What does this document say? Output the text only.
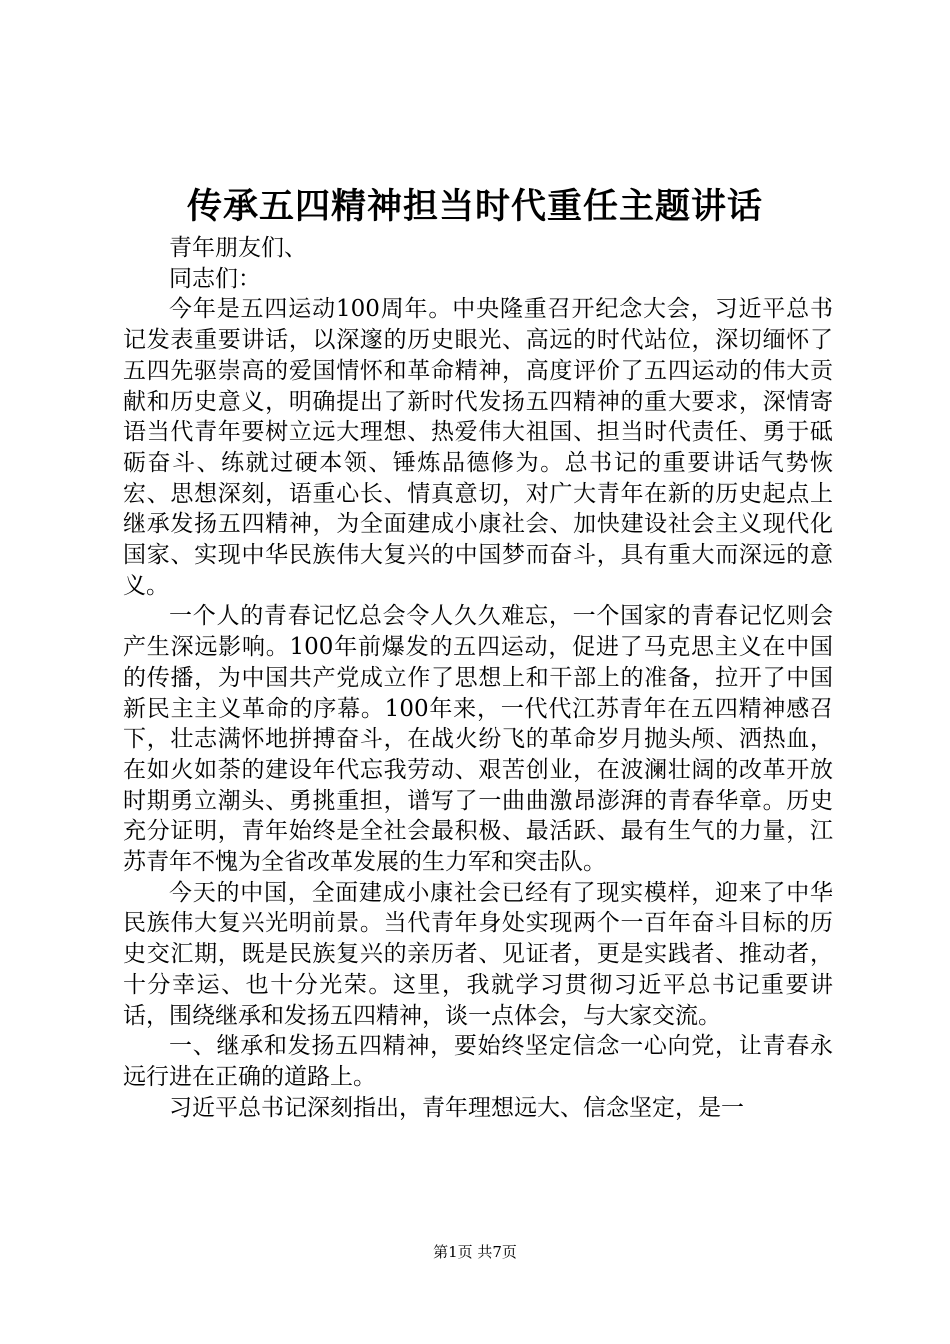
传承五四精神担当时代重任主题讲话

青年朋友们、

同志们：

今年是五四运动100周年。中央隆重召开纪念大会，习近平总书记发表重要讲话，以深邃的历史眼光、高远的时代站位，深切缅怀了五四先驱崇高的爱国情怀和革命精神，高度评价了五四运动的伟大贡献和历史意义，明确提出了新时代发扬五四精神的重大要求，深情寄语当代青年要树立远大理想、热爱伟大祖国、担当时代责任、勇于砥砺奋斗、练就过硬本领、锤炼品德修为。总书记的重要讲话气势恢宏、思想深刻，语重心长、情真意切，对广大青年在新的历史起点上继承发扬五四精神，为全面建成小康社会、加快建设社会主义现代化国家、实现中华民族伟大复兴的中国梦而奋斗，具有重大而深远的意义。

一个人的青春记忆总会令人久久难忘，一个国家的青春记忆则会产生深远影响。100年前爆发的五四运动，促进了马克思主义在中国的传播，为中国共产党成立作了思想上和干部上的准备，拉开了中国新民主主义革命的序幕。100年来，一代代江苏青年在五四精神感召下，壮志满怀地拼搏奋斗，在战火纷飞的革命岁月抛头颅、洒热血，在如火如荼的建设年代忘我劳动、艰苦创业，在波澜壮阔的改革开放时期勇立潮头、勇挑重担，谱写了一曲曲激昂澎湃的青春华章。历史充分证明，青年始终是全社会最积极、最活跃、最有生气的力量，江苏青年不愧为全省改革发展的生力军和突击队。

今天的中国，全面建成小康社会已经有了现实模样，迎来了中华民族伟大复兴光明前景。当代青年身处实现两个一百年奋斗目标的历史交汇期，既是民族复兴的亲历者、见证者，更是实践者、推动者，十分幸运、也十分光荣。这里，我就学习贯彻习近平总书记重要讲话，围绕继承和发扬五四精神，谈一点体会，与大家交流。

一、继承和发扬五四精神，要始终坚定信念一心向党，让青春永远行进在正确的道路上。

习近平总书记深刻指出，青年理想远大、信念坚定，是一

第1页 共7页
